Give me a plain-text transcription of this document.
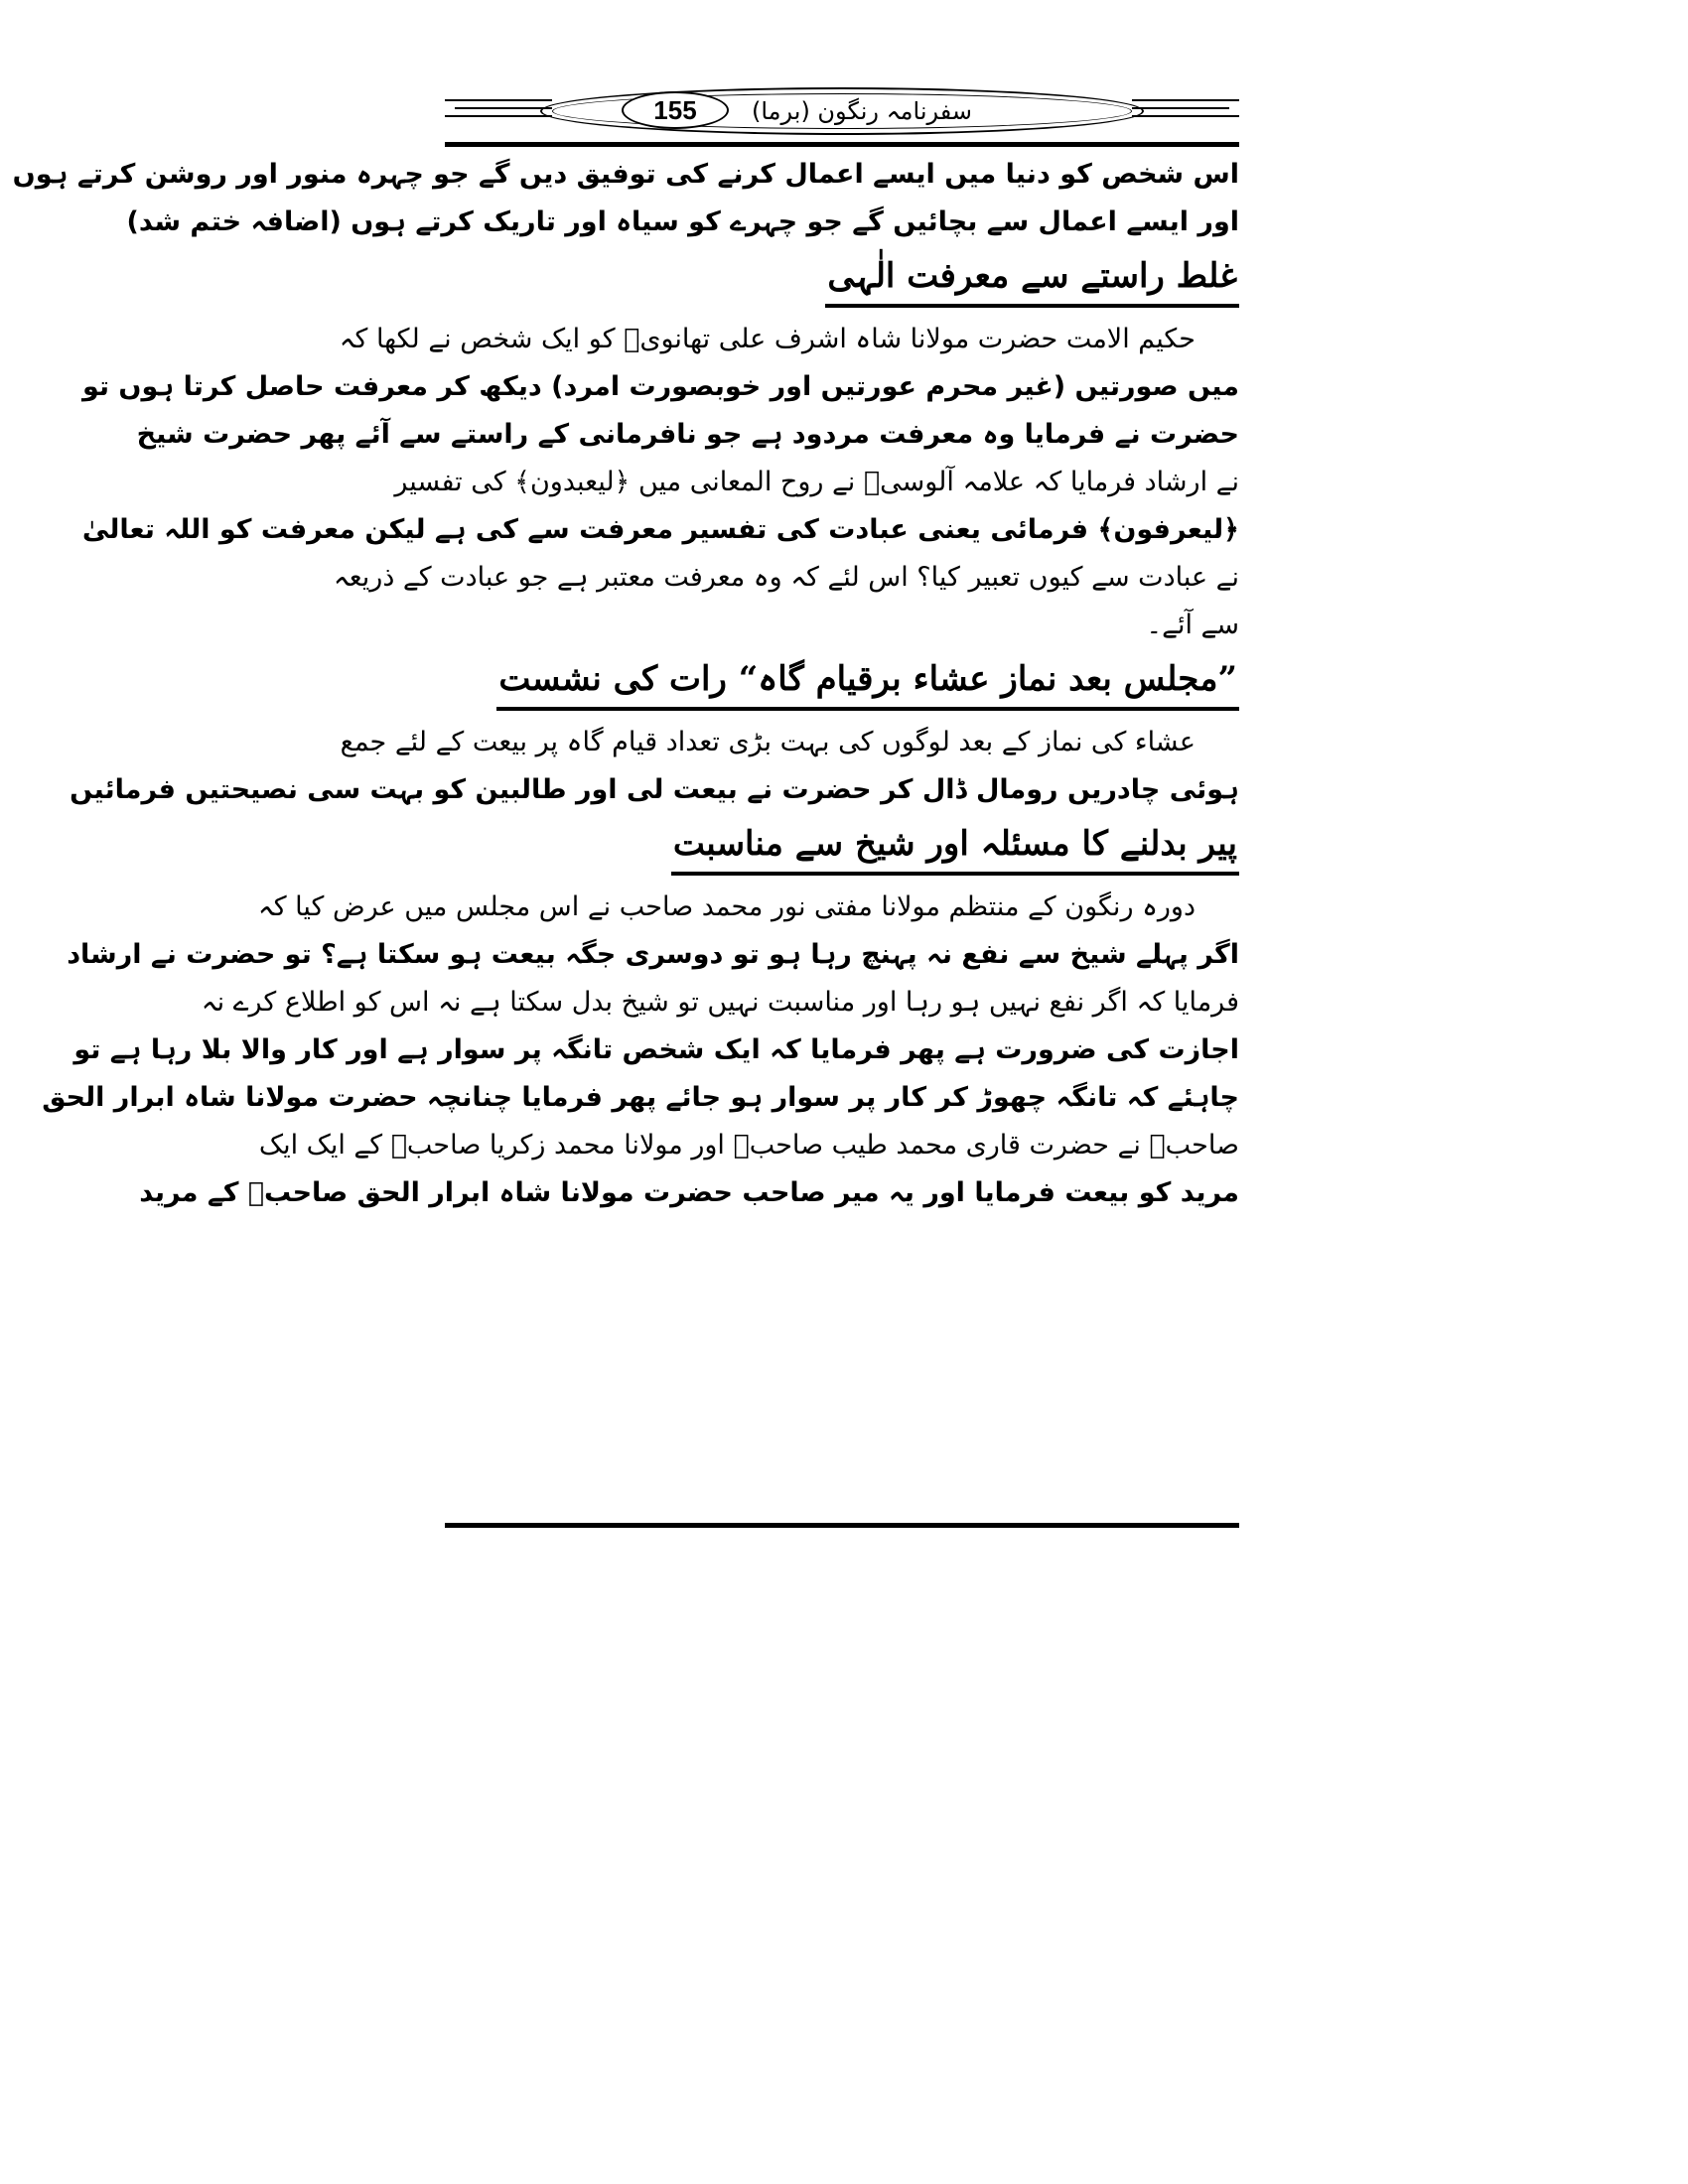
155	سفرنامہ رنگون (برما)
اس شخص کو دنیا میں ایسے اعمال کرنے کی توفیق دیں گے جو چہرہ منور اور روشن کرتے ہوں
اور ایسے اعمال سے بچائیں گے جو چہرے کو سیاہ اور تاریک کرتے ہوں (اضافہ ختم شد)
غلط راستے سے معرفت الٰہی
حکیم الامت حضرت مولانا شاہ اشرف علی تھانویؒ کو ایک شخص نے لکھا کہ
میں صورتیں (غیر محرم عورتیں اور خوبصورت امرد) دیکھ کر معرفت حاصل کرتا ہوں تو
حضرت نے فرمایا وہ معرفت مردود ہے جو نافرمانی کے راستے سے آئے پھر حضرت شیخ
نے ارشاد فرمایا کہ علامہ آلوسیؒ نے روح المعانی میں ﴿لیعبدون﴾ کی تفسیر
﴿لیعرفون﴾ فرمائی یعنی عبادت کی تفسیر معرفت سے کی ہے لیکن معرفت کو اللہ تعالیٰ
نے عبادت سے کیوں تعبیر کیا؟ اس لئے کہ وہ معرفت معتبر ہے جو عبادت کے ذریعہ
سے آئے۔
”مجلس بعد نماز عشاء برقیام گاہ“ رات کی نشست
عشاء کی نماز کے بعد لوگوں کی بہت بڑی تعداد قیام گاہ پر بیعت کے لئے جمع
ہوئی چادریں رومال ڈال کر حضرت نے بیعت لی اور طالبین کو بہت سی نصیحتیں فرمائیں
پیر بدلنے کا مسئلہ اور شیخ سے مناسبت
دورہ رنگون کے منتظم مولانا مفتی نور محمد صاحب نے اس مجلس میں عرض کیا کہ
اگر پہلے شیخ سے نفع نہ پہنچ رہا ہو تو دوسری جگہ بیعت ہو سکتا ہے؟ تو حضرت نے ارشاد
فرمایا کہ اگر نفع نہیں ہو رہا اور مناسبت نہیں تو شیخ بدل سکتا ہے نہ اس کو اطلاع کرے نہ
اجازت کی ضرورت ہے پھر فرمایا کہ ایک شخص تانگہ پر سوار ہے اور کار والا بلا رہا ہے تو
چاہئے کہ تانگہ چھوڑ کر کار پر سوار ہو جائے پھر فرمایا چنانچہ حضرت مولانا شاہ ابرار الحق
صاحبؒ نے حضرت قاری محمد طیب صاحبؒ اور مولانا محمد زکریا صاحبؒ کے ایک ایک
مرید کو بیعت فرمایا اور یہ میر صاحب حضرت مولانا شاہ ابرار الحق صاحبؒ کے مرید
